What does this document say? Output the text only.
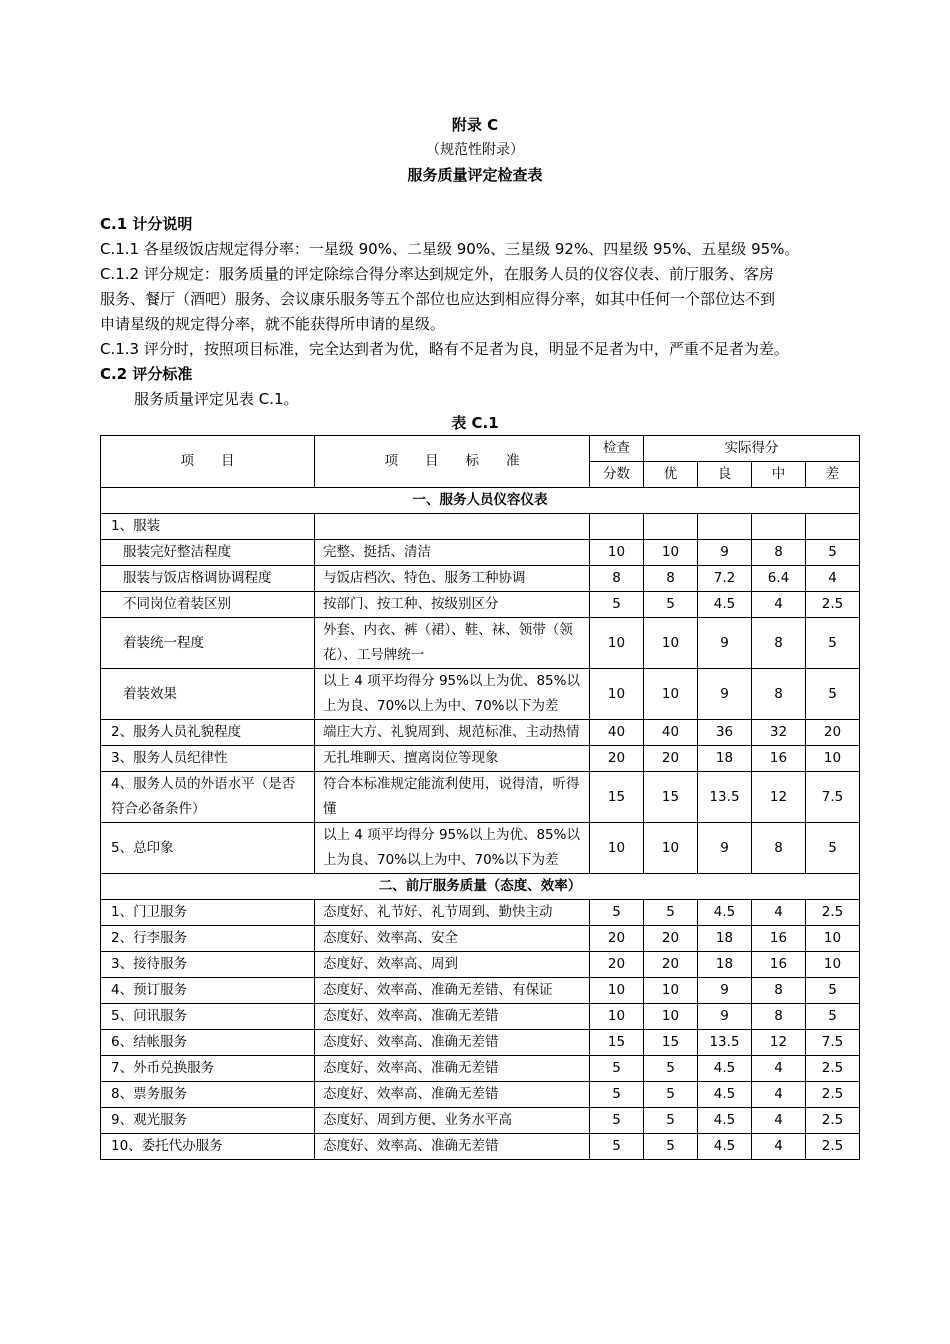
附录 C
（规范性附录）
服务质量评定检查表

C.1 计分说明

C.1.1 各星级饭店规定得分率：一星级 90%、二星级 90%、三星级 92%、四星级 95%、五星级 95%。

C.1.2 评分规定：服务质量的评定除综合得分率达到规定外，在服务人员的仪容仪表、前厅服务、客房

服务、餐厅（酒吧）服务、会议康乐服务等五个部位也应达到相应得分率，如其中任何一个部位达不到

申请星级的规定得分率，就不能获得所申请的星级。

C.1.3 评分时，按照项目标准，完全达到者为优，略有不足者为良，明显不足者为中，严重不足者为差。

C.2 评分标准

服务质量评定见表 C.1。

表 C.1
项　　目	项　　目　　标　　准	检查	实际得分			
		分数	优	良	中	差
一、服务人员仪容仪表						
1、服装						
服装完好整洁程度	完整、挺括、清洁	10	10	9	8	5
服装与饭店格调协调程度	与饭店档次、特色、服务工种协调	8	8	7.2	6.4	4
不同岗位着装区别	按部门、按工种、按级别区分	5	5	4.5	4	2.5
着装统一程度	外套、内衣、裤（裙）、鞋、袜、领带（领花）、工号牌统一	10	10	9	8	5
着装效果	以上 4 项平均得分 95%以上为优、85%以上为良、70%以上为中、70%以下为差	10	10	9	8	5
2、服务人员礼貌程度	端庄大方、礼貌周到、规范标准、主动热情	40	40	36	32	20
3、服务人员纪律性	无扎堆聊天、擅离岗位等现象	20	20	18	16	10
4、服务人员的外语水平（是否符合必备条件）	符合本标准规定能流利使用，说得清，听得懂	15	15	13.5	12	7.5
5、总印象	以上 4 项平均得分 95%以上为优、85%以上为良、70%以上为中、70%以下为差	10	10	9	8	5
二、前厅服务质量（态度、效率）						
1、门卫服务	态度好、礼节好、礼节周到、勤快主动	5	5	4.5	4	2.5
2、行李服务	态度好、效率高、安全	20	20	18	16	10
3、接待服务	态度好、效率高、周到	20	20	18	16	10
4、预订服务	态度好、效率高、准确无差错、有保证	10	10	9	8	5
5、问讯服务	态度好、效率高、准确无差错	10	10	9	8	5
6、结帐服务	态度好、效率高、准确无差错	15	15	13.5	12	7.5
7、外币兑换服务	态度好、效率高、准确无差错	5	5	4.5	4	2.5
8、票务服务	态度好、效率高、准确无差错	5	5	4.5	4	2.5
9、观光服务	态度好、周到方便、业务水平高	5	5	4.5	4	2.5
10、委托代办服务	态度好、效率高、准确无差错	5	5	4.5	4	2.5
